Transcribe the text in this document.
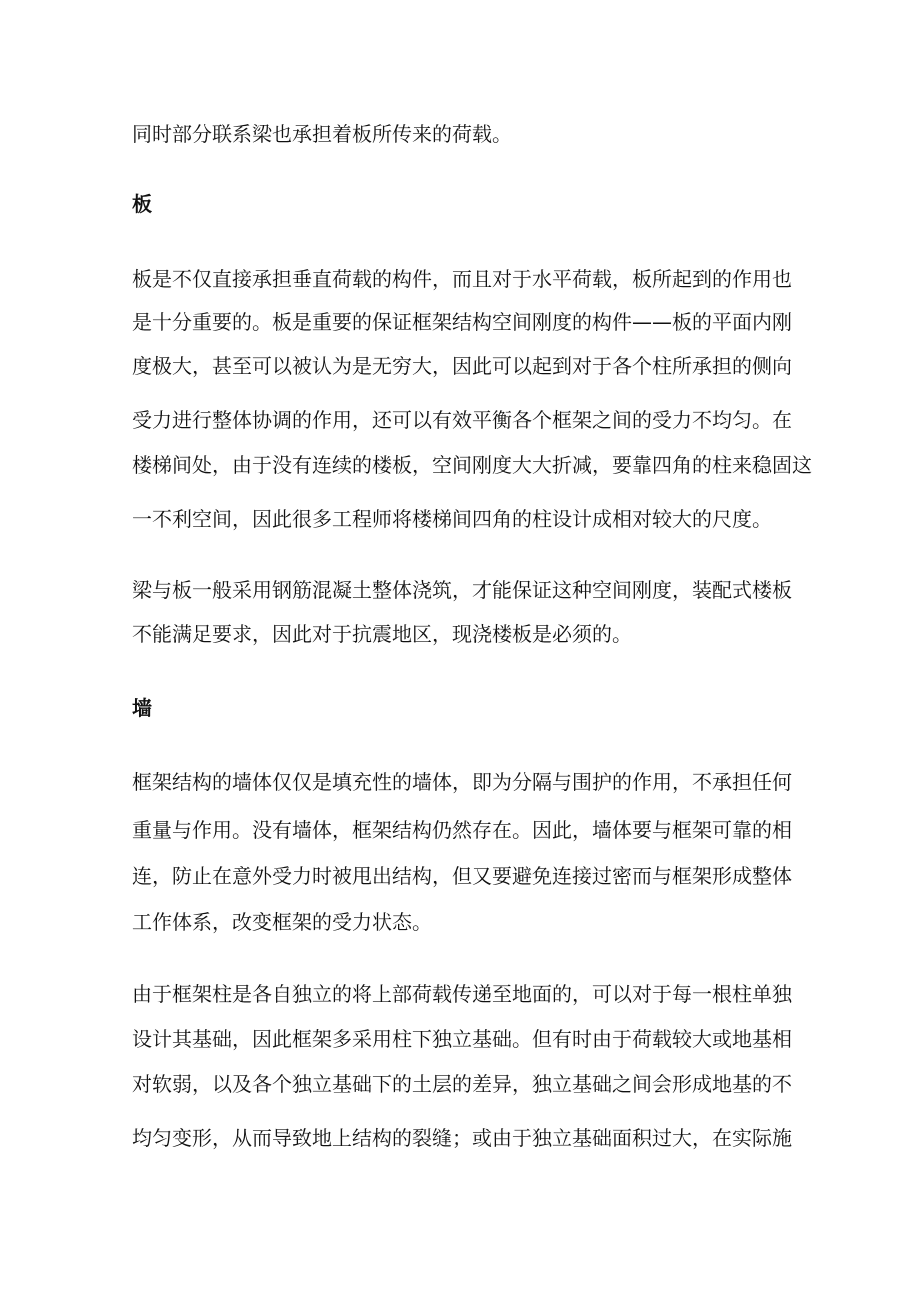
同时部分联系梁也承担着板所传来的荷载。
板
板是不仅直接承担垂直荷载的构件，而且对于水平荷载，板所起到的作用也
是十分重要的。板是重要的保证框架结构空间刚度的构件——板的平面内刚
度极大，甚至可以被认为是无穷大，因此可以起到对于各个柱所承担的侧向
受力进行整体协调的作用，还可以有效平衡各个框架之间的受力不均匀。在
楼梯间处，由于没有连续的楼板，空间刚度大大折减，要靠四角的柱来稳固这
一不利空间，因此很多工程师将楼梯间四角的柱设计成相对较大的尺度。
梁与板一般采用钢筋混凝土整体浇筑，才能保证这种空间刚度，装配式楼板
不能满足要求，因此对于抗震地区，现浇楼板是必须的。
墙
框架结构的墙体仅仅是填充性的墙体，即为分隔与围护的作用，不承担任何
重量与作用。没有墙体，框架结构仍然存在。因此，墙体要与框架可靠的相
连，防止在意外受力时被甩出结构，但又要避免连接过密而与框架形成整体
工作体系，改变框架的受力状态。
由于框架柱是各自独立的将上部荷载传递至地面的，可以对于每一根柱单独
设计其基础，因此框架多采用柱下独立基础。但有时由于荷载较大或地基相
对软弱，以及各个独立基础下的土层的差异，独立基础之间会形成地基的不
均匀变形，从而导致地上结构的裂缝；或由于独立基础面积过大，在实际施
